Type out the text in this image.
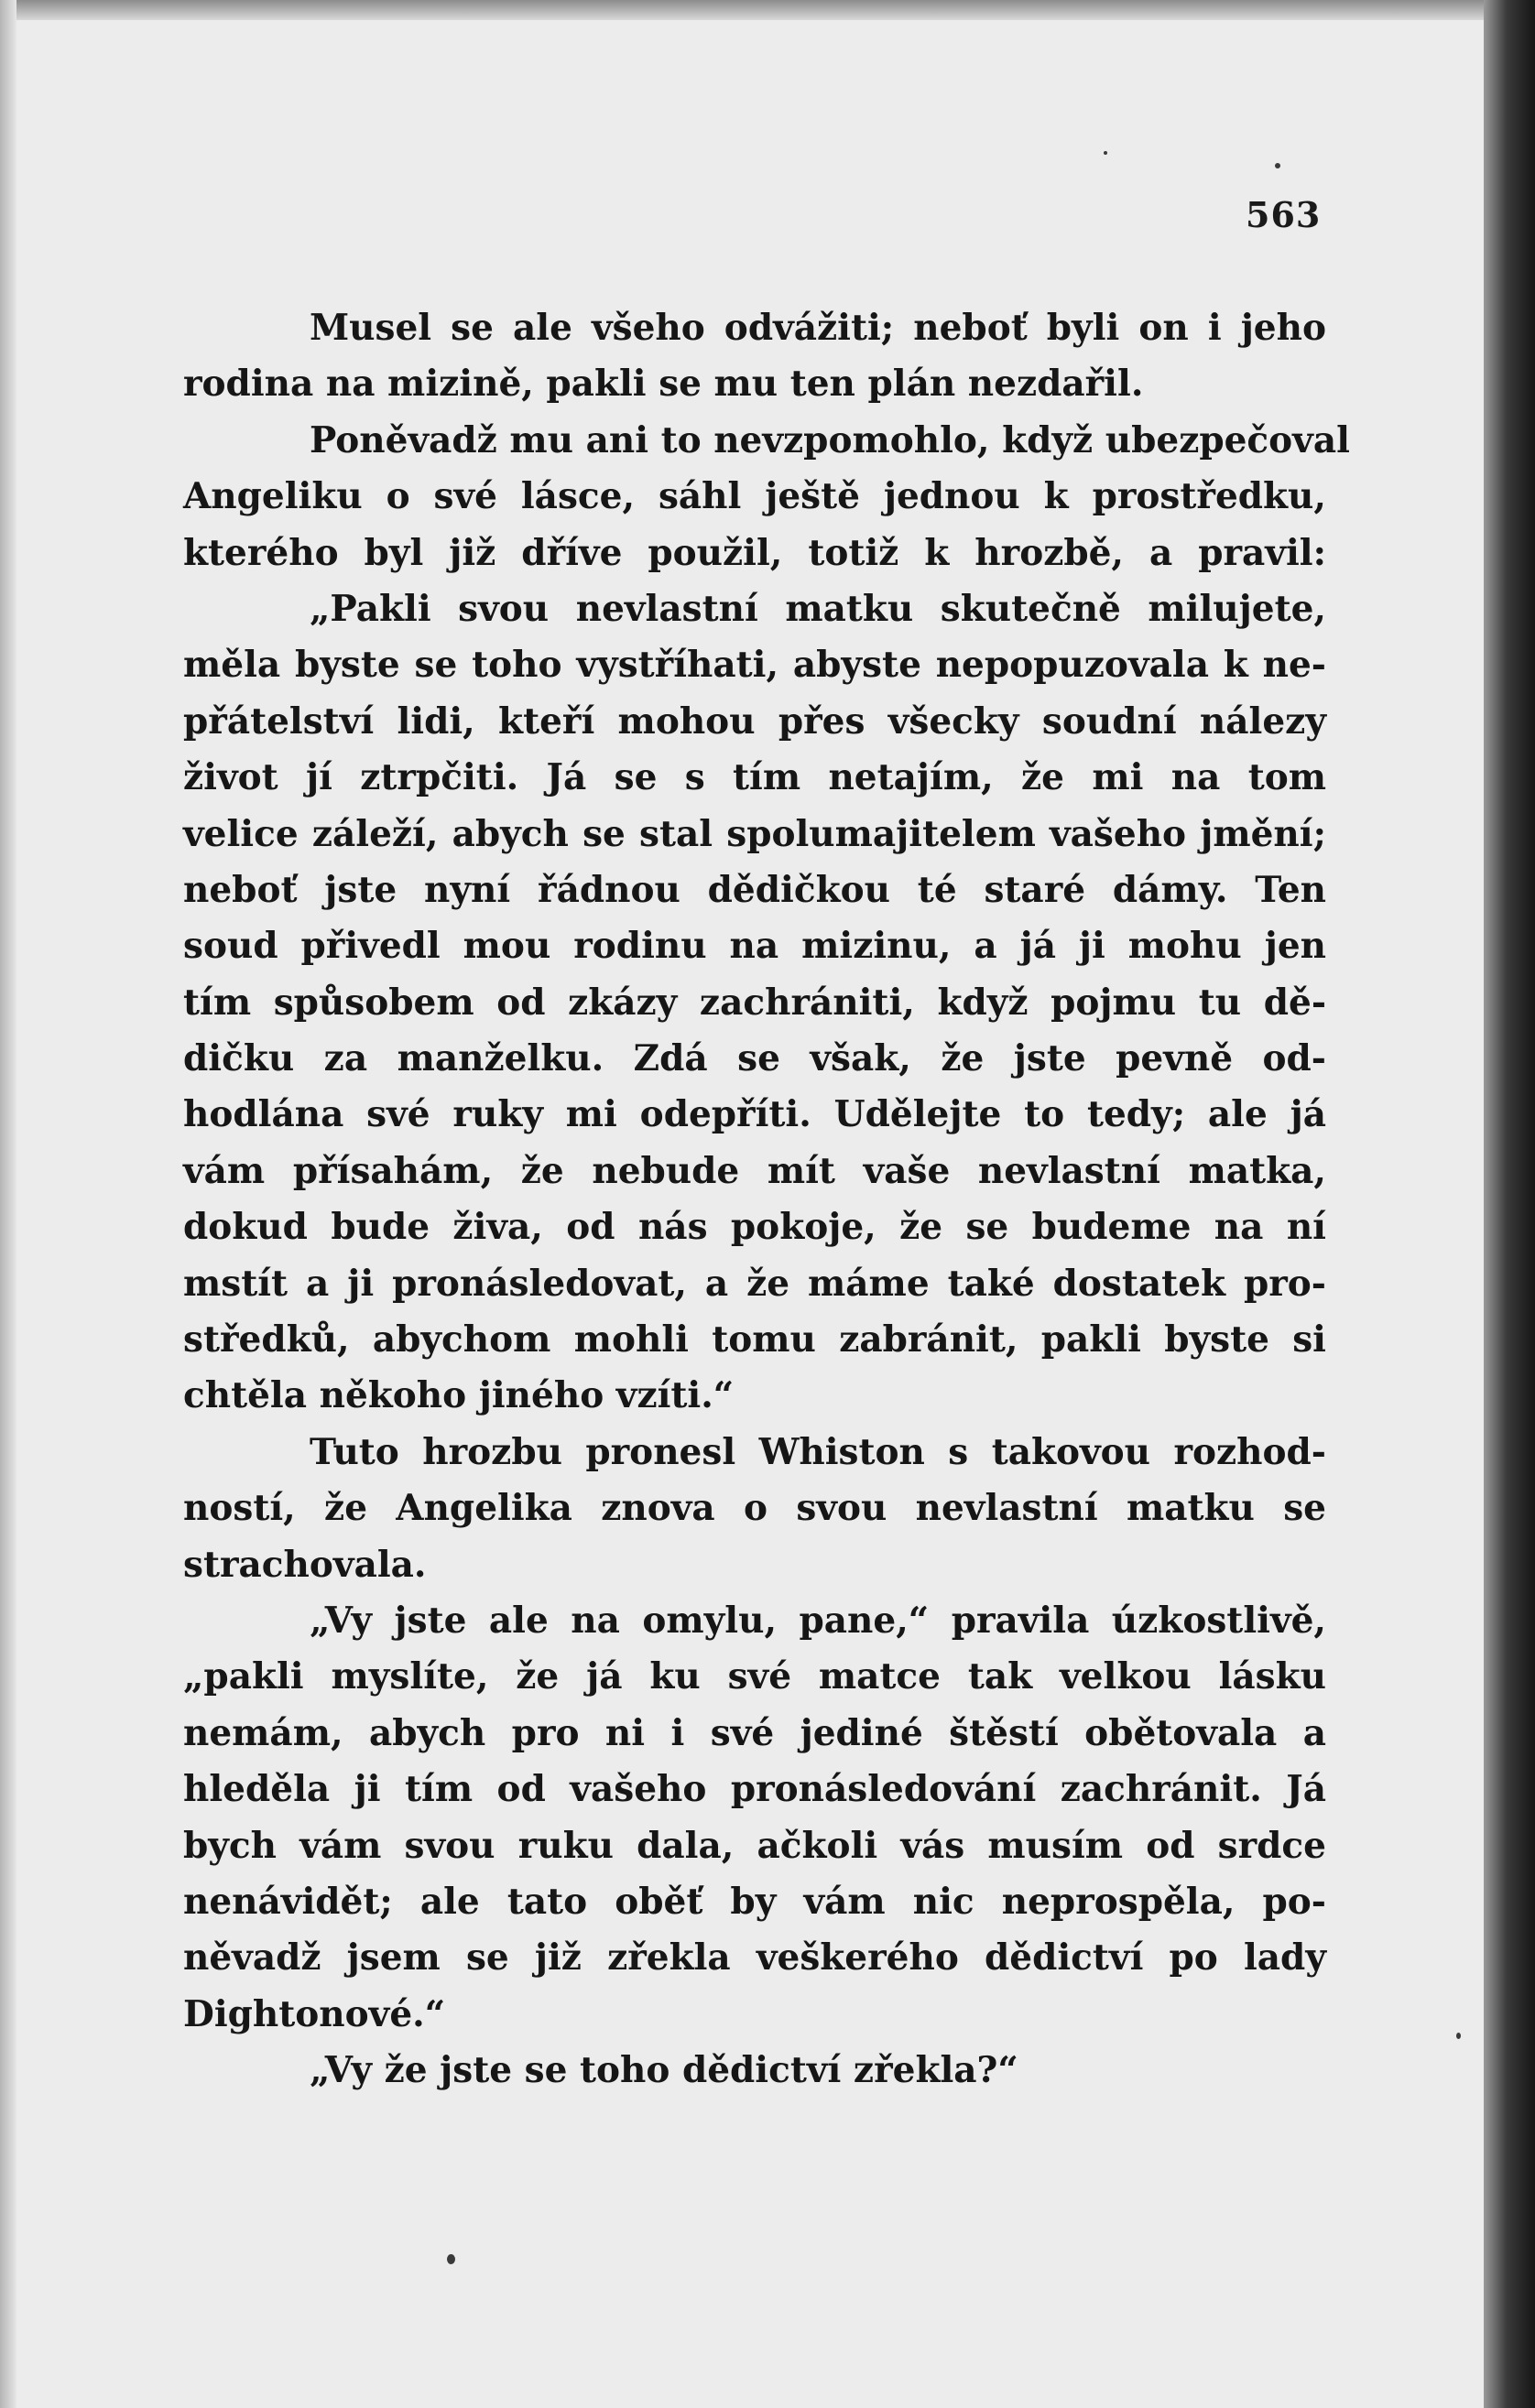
563
Musel se ale všeho odvážiti; neboť byli on i jeho
rodina na mizině, pakli se mu ten plán nezdařil.
Poněvadž mu ani to nevzpomohlo, když ubezpečoval
Angeliku o své lásce, sáhl ještě jednou k prostředku,
kterého byl již dříve použil, totiž k hrozbě, a pravil:
„Pakli svou nevlastní matku skutečně milujete,
měla byste se toho vystříhati, abyste nepopuzovala k ne-
přátelství lidi, kteří mohou přes všecky soudní nálezy
život jí ztrpčiti. Já se s tím netajím, že mi na tom
velice záleží, abych se stal spolumajitelem vašeho jmění;
neboť jste nyní řádnou dědičkou té staré dámy. Ten
soud přivedl mou rodinu na mizinu, a já ji mohu jen
tím spůsobem od zkázy zachrániti, když pojmu tu dě-
dičku za manželku. Zdá se však, že jste pevně od-
hodlána své ruky mi odepříti. Udělejte to tedy; ale já
vám přísahám, že nebude mít vaše nevlastní matka,
dokud bude živa, od nás pokoje, že se budeme na ní
mstít a ji pronásledovat, a že máme také dostatek pro-
středků, abychom mohli tomu zabránit, pakli byste si
chtěla někoho jiného vzíti.“
Tuto hrozbu pronesl Whiston s takovou rozhod-
ností, že Angelika znova o svou nevlastní matku se
strachovala.
„Vy jste ale na omylu, pane,“ pravila úzkostlivě,
„pakli myslíte, že já ku své matce tak velkou lásku
nemám, abych pro ni i své jediné štěstí obětovala a
hleděla ji tím od vašeho pronásledování zachránit. Já
bych vám svou ruku dala, ačkoli vás musím od srdce
nenávidět; ale tato oběť by vám nic neprospěla, po-
něvadž jsem se již zřekla veškerého dědictví po lady
Dightonové.“
„Vy že jste se toho dědictví zřekla?“
